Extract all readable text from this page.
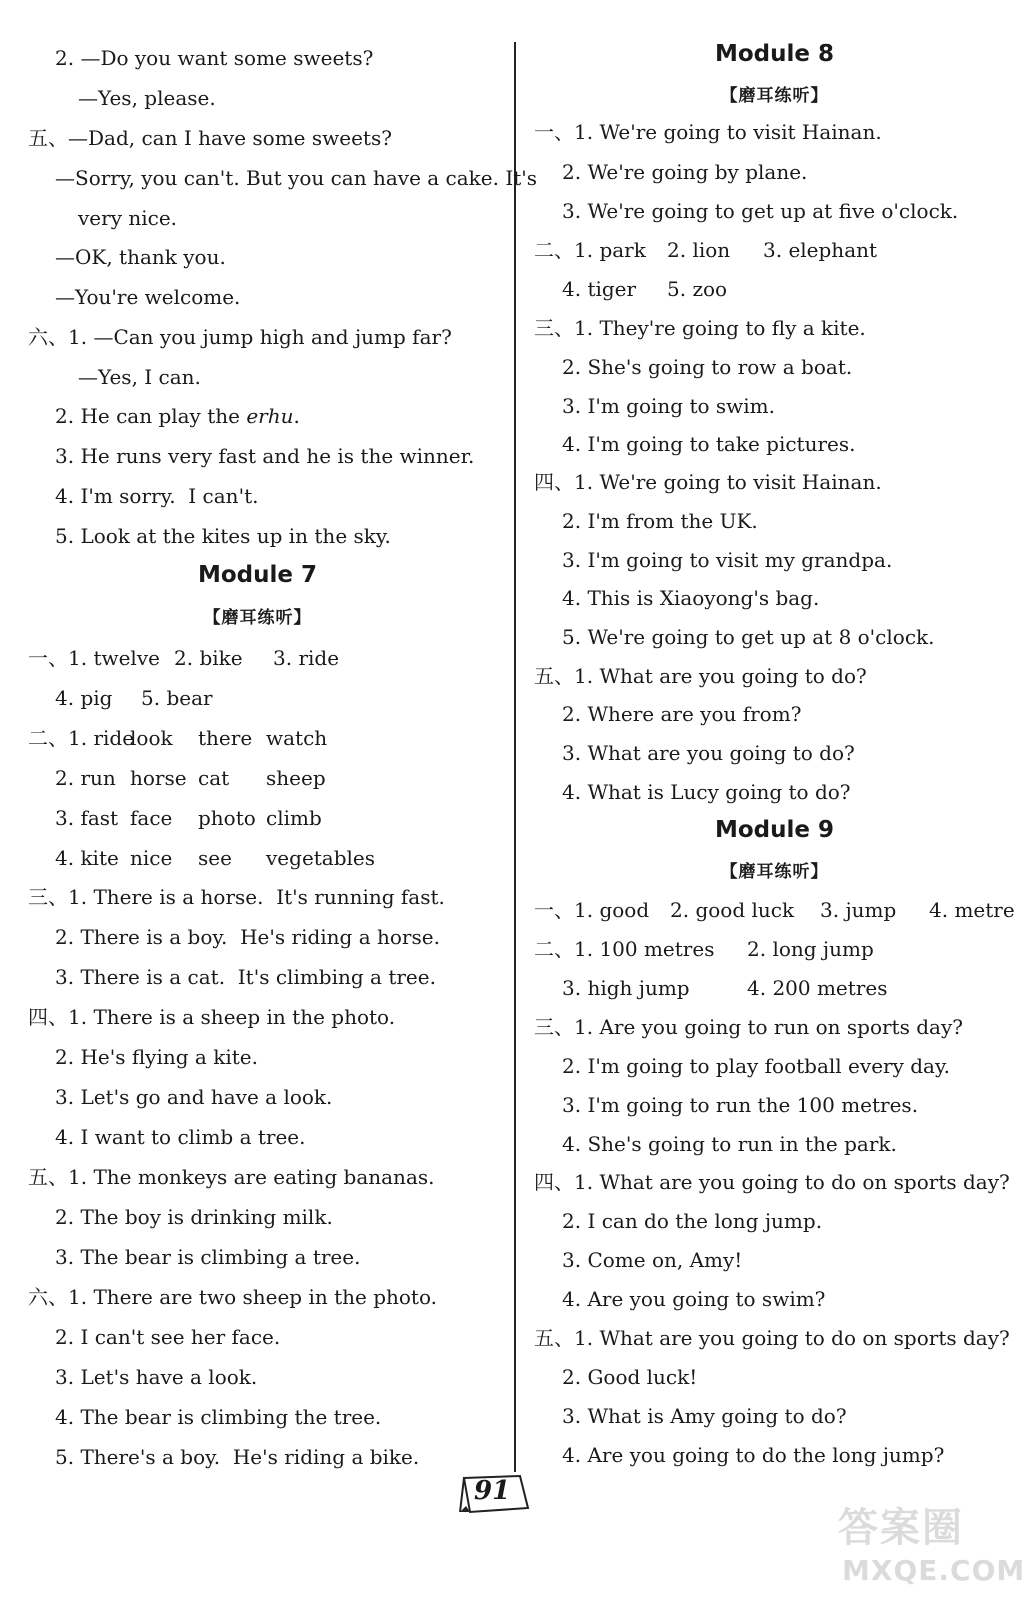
2. —Do you want some sweets?
—Yes, please.
五、—Dad, can I have some sweets?
—Sorry, you can't. But you can have a cake. It's
very nice.
—OK, thank you.
—You're welcome.
六、1. —Can you jump high and jump far?
—Yes, I can.
2. He can play the erhu.
3. He runs very fast and he is the winner.
4. I'm sorry.  I can't.
5. Look at the kites up in the sky.
Module 7
【磨耳练听】
一、1. twelve 2. bike 3. ride
4. pig 5. bear
二、1. ride
look there watch
2. run horse cat sheep
3. fast face photo climb
4. kite nice see vegetables
三、1. There is a horse.  It's running fast.
2. There is a boy.  He's riding a horse.
3. There is a cat.  It's climbing a tree.
四、1. There is a sheep in the photo.
2. He's flying a kite.
3. Let's go and have a look.
4. I want to climb a tree.
五、1. The monkeys are eating bananas.
2. The boy is drinking milk.
3. The bear is climbing a tree.
六、1. There are two sheep in the photo.
2. I can't see her face.
3. Let's have a look.
4. The bear is climbing the tree.
5. There's a boy.  He's riding a bike.
Module 8
【磨耳练听】
一、1. We're going to visit Hainan.
2. We're going by plane.
3. We're going to get up at five o'clock.
二、1. park 2. lion 3. elephant
4. tiger 5. zoo
三、1. They're going to fly a kite.
2. She's going to row a boat.
3. I'm going to swim.
4. I'm going to take pictures.
四、1. We're going to visit Hainan.
2. I'm from the UK.
3. I'm going to visit my grandpa.
4. This is Xiaoyong's bag.
5. We're going to get up at 8 o'clock.
五、1. What are you going to do?
2. Where are you from?
3. What are you going to do?
4. What is Lucy going to do?
Module 9
【磨耳练听】
一、1. good 2. good luck 3. jump 4. metre
二、1. 100 metres 2. long jump
3. high jump	4. 200 metres
三、1. Are you going to run on sports day?
2. I'm going to play football every day.
3. I'm going to run the 100 metres.
4. She's going to run in the park.
四、1. What are you going to do on sports day?
2. I can do the long jump.
3. Come on, Amy!
4. Are you going to swim?
五、1. What are you going to do on sports day?
2. Good luck!
3. What is Amy going to do?
4. Are you going to do the long jump?
91
答案圈
MXQE.COM
